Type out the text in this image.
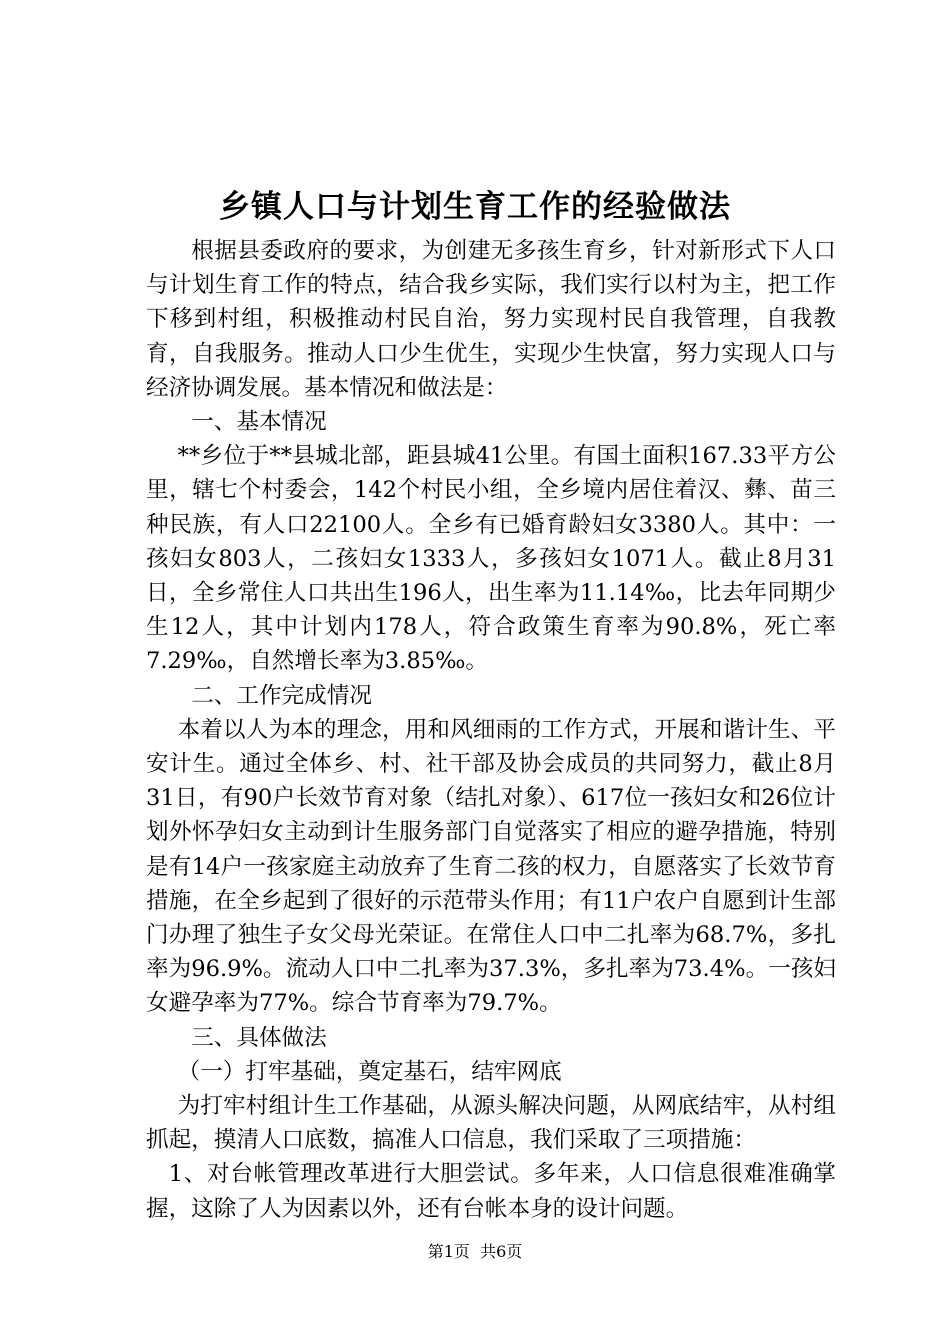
乡镇人口与计划生育工作的经验做法

根据县委政府的要求，为创建无多孩生育乡，针对新形式下人口与计划生育工作的特点，结合我乡实际，我们实行以村为主，把工作下移到村组，积极推动村民自治，努力实现村民自我管理，自我教育，自我服务。推动人口少生优生，实现少生快富，努力实现人口与经济协调发展。基本情况和做法是：

一、基本情况

**乡位于**县城北部，距县城41公里。有国土面积167.33平方公里，辖七个村委会，142个村民小组，全乡境内居住着汉、彝、苗三种民族，有人口22100人。全乡有已婚育龄妇女3380人。其中：一孩妇女803人，二孩妇女1333人，多孩妇女1071人。截止8月31日，全乡常住人口共出生196人，出生率为11.14‰，比去年同期少生12人，其中计划内178人，符合政策生育率为90.8%，死亡率7.29‰，自然增长率为3.85‰。

二、工作完成情况

本着以人为本的理念，用和风细雨的工作方式，开展和谐计生、平安计生。通过全体乡、村、社干部及协会成员的共同努力，截止8月31日，有90户长效节育对象（结扎对象）、617位一孩妇女和26位计划外怀孕妇女主动到计生服务部门自觉落实了相应的避孕措施，特别是有14户一孩家庭主动放弃了生育二孩的权力，自愿落实了长效节育措施，在全乡起到了很好的示范带头作用；有11户农户自愿到计生部门办理了独生子女父母光荣证。在常住人口中二扎率为68.7%，多扎率为96.9%。流动人口中二扎率为37.3%，多扎率为73.4%。一孩妇女避孕率为77%。综合节育率为79.7%。

三、具体做法

（一）打牢基础，奠定基石，结牢网底

为打牢村组计生工作基础，从源头解决问题，从网底结牢，从村组抓起，摸清人口底数，搞准人口信息，我们采取了三项措施：

1、对台帐管理改革进行大胆尝试。多年来，人口信息很难准确掌握，这除了人为因素以外，还有台帐本身的设计问题。

第1页  共6页
